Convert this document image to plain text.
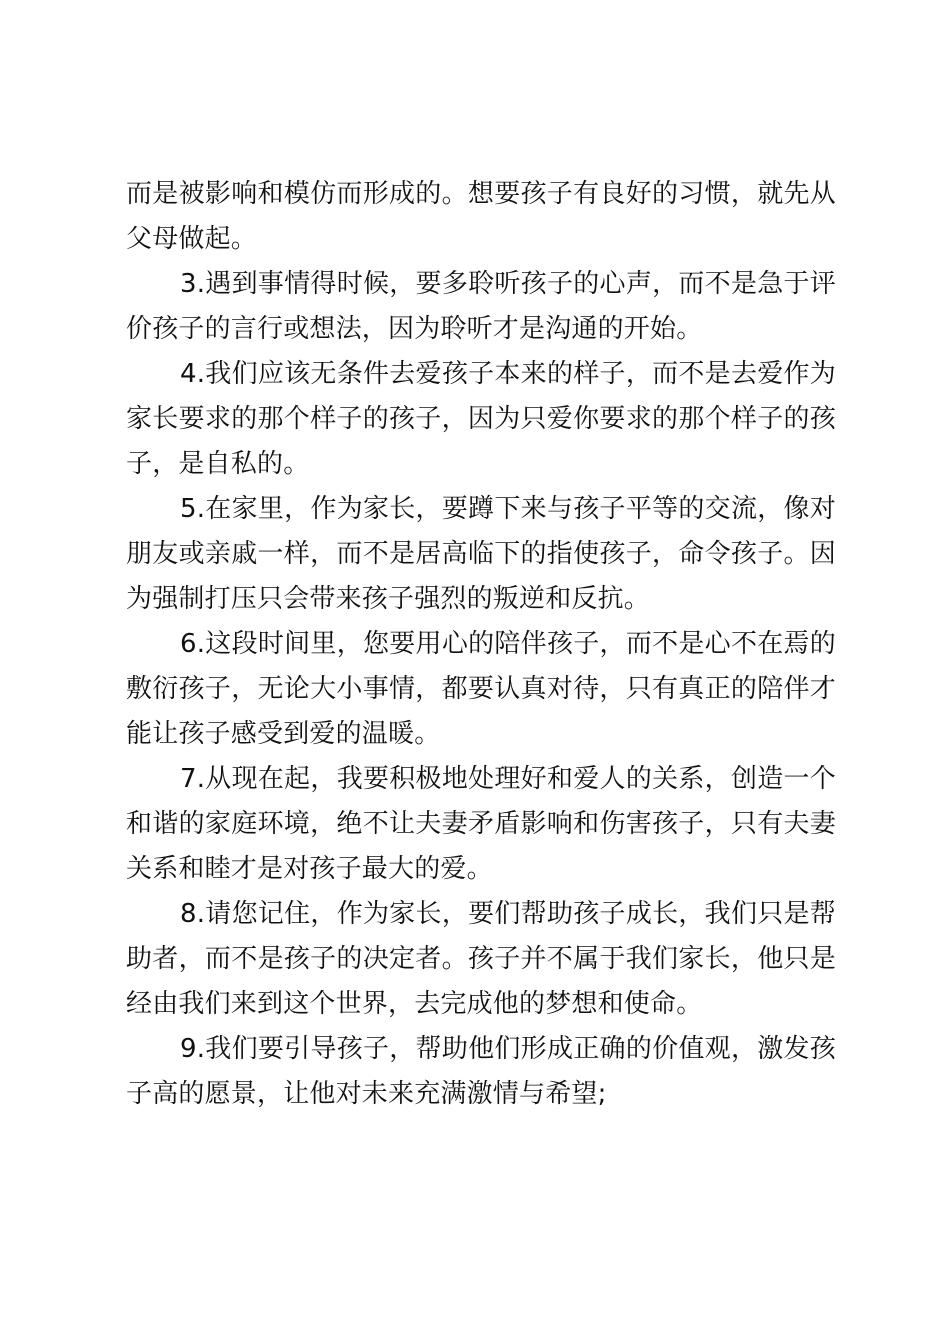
而是被影响和模仿而形成的。想要孩子有良好的习惯，就先从父母做起。

3.遇到事情得时候，要多聆听孩子的心声，而不是急于评价孩子的言行或想法，因为聆听才是沟通的开始。

4.我们应该无条件去爱孩子本来的样子，而不是去爱作为家长要求的那个样子的孩子，因为只爱你要求的那个样子的孩子，是自私的。

5.在家里，作为家长，要蹲下来与孩子平等的交流，像对朋友或亲戚一样，而不是居高临下的指使孩子，命令孩子。因为强制打压只会带来孩子强烈的叛逆和反抗。

6.这段时间里，您要用心的陪伴孩子，而不是心不在焉的敷衍孩子，无论大小事情，都要认真对待，只有真正的陪伴才能让孩子感受到爱的温暖。

7.从现在起，我要积极地处理好和爱人的关系，创造一个和谐的家庭环境，绝不让夫妻矛盾影响和伤害孩子，只有夫妻关系和睦才是对孩子最大的爱。

8.请您记住，作为家长，要们帮助孩子成长，我们只是帮助者，而不是孩子的决定者。孩子并不属于我们家长，他只是经由我们来到这个世界，去完成他的梦想和使命。

9.我们要引导孩子，帮助他们形成正确的价值观，激发孩子高的愿景，让他对未来充满激情与希望;
